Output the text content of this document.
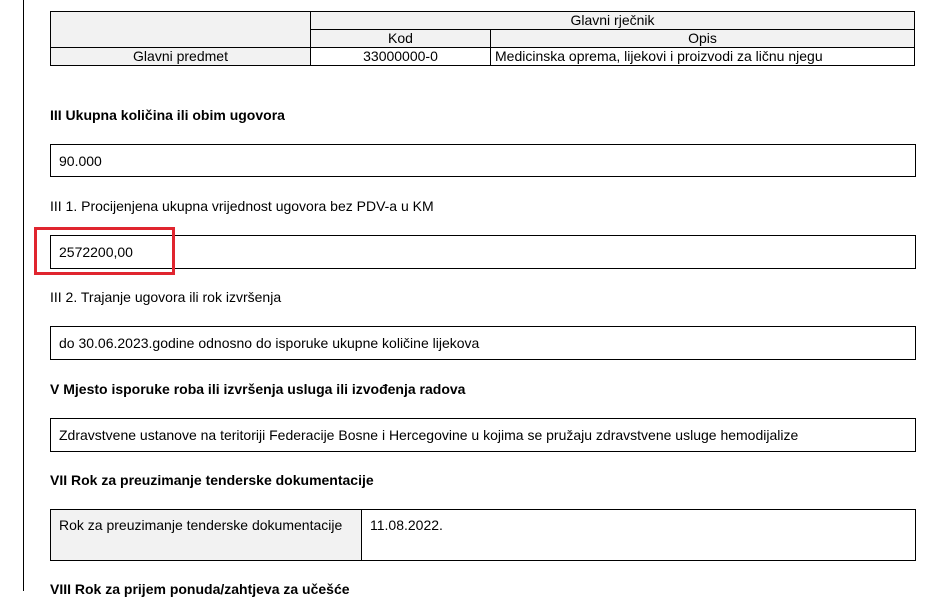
	Glavni rječnik	
	Kod	Opis
Glavni predmet	33000000-0	Medicinska oprema, lijekovi i proizvodi za ličnu njegu
III Ukupna količina ili obim ugovora
90.000
III 1. Procijenjena ukupna vrijednost ugovora bez PDV-a u KM
2572200,00
III 2. Trajanje ugovora ili rok izvršenja
do 30.06.2023.godine odnosno do isporuke ukupne količine lijekova
V Mjesto isporuke roba ili izvršenja usluga ili izvođenja radova
Zdravstvene ustanove na teritoriji Federacije Bosne i Hercegovine u kojima se pružaju zdravstvene usluge hemodijalize
VII Rok za preuzimanje tenderske dokumentacije
Rok za preuzimanje tenderske dokumentacije	11.08.2022.
VIII Rok za prijem ponuda/zahtjeva za učešće
